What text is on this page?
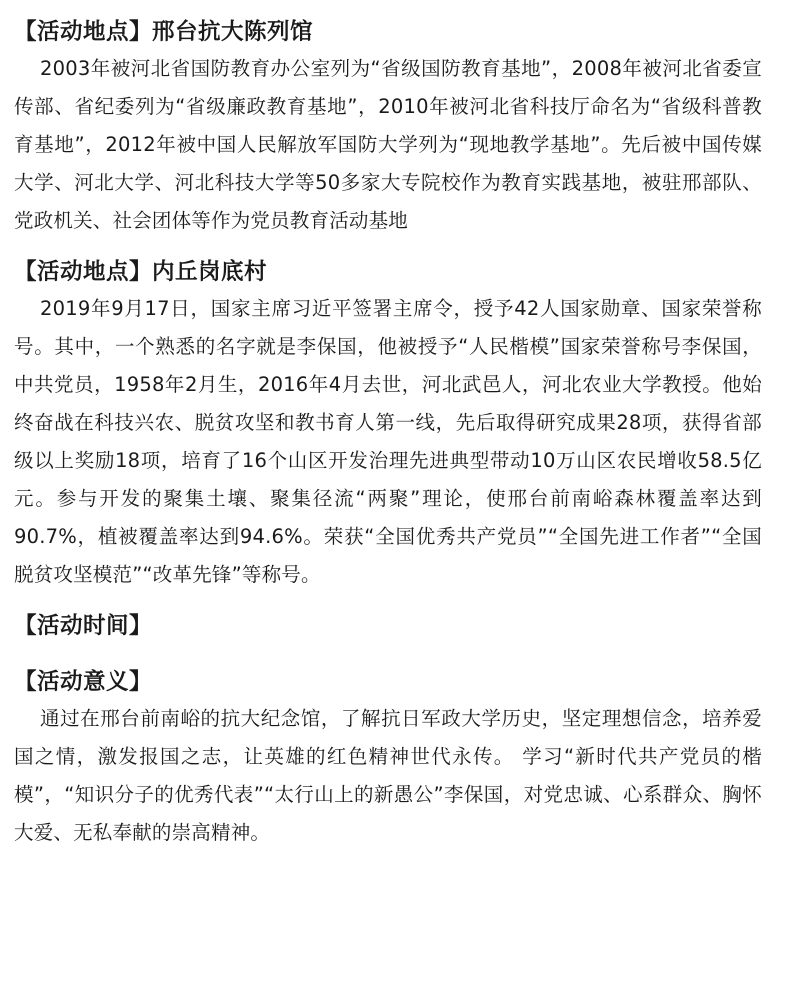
【活动地点】邢台抗大陈列馆

2003年被河北省国防教育办公室列为“省级国防教育基地”，2008年被河北省委宣传部、省纪委列为“省级廉政教育基地”，2010年被河北省科技厅命名为“省级科普教育基地”，2012年被中国人民解放军国防大学列为“现地教学基地”。先后被中国传媒大学、河北大学、河北科技大学等50多家大专院校作为教育实践基地，被驻邢部队、党政机关、社会团体等作为党员教育活动基地

【活动地点】内丘岗底村

2019年9月17日，国家主席习近平签署主席令，授予42人国家勋章、国家荣誉称号。其中，一个熟悉的名字就是李保国，他被授予“人民楷模”国家荣誉称号李保国，中共党员，1958年2月生，2016年4月去世，河北武邑人，河北农业大学教授。他始终奋战在科技兴农、脱贫攻坚和教书育人第一线，先后取得研究成果28项，获得省部级以上奖励18项，培育了16个山区开发治理先进典型带动10万山区农民增收58.5亿元。参与开发的聚集土壤、聚集径流“两聚”理论，使邢台前南峪森林覆盖率达到90.7%，植被覆盖率达到94.6%。荣获“全国优秀共产党员”“全国先进工作者”“全国脱贫攻坚模范”“改革先锋”等称号。

【活动时间】
【活动意义】

通过在邢台前南峪的抗大纪念馆，了解抗日军政大学历史，坚定理想信念，培养爱国之情，激发报国之志，让英雄的红色精神世代永传。 学习“新时代共产党员的楷模”，“知识分子的优秀代表”“太行山上的新愚公”李保国，对党忠诚、心系群众、胸怀大爱、无私奉献的崇高精神。
